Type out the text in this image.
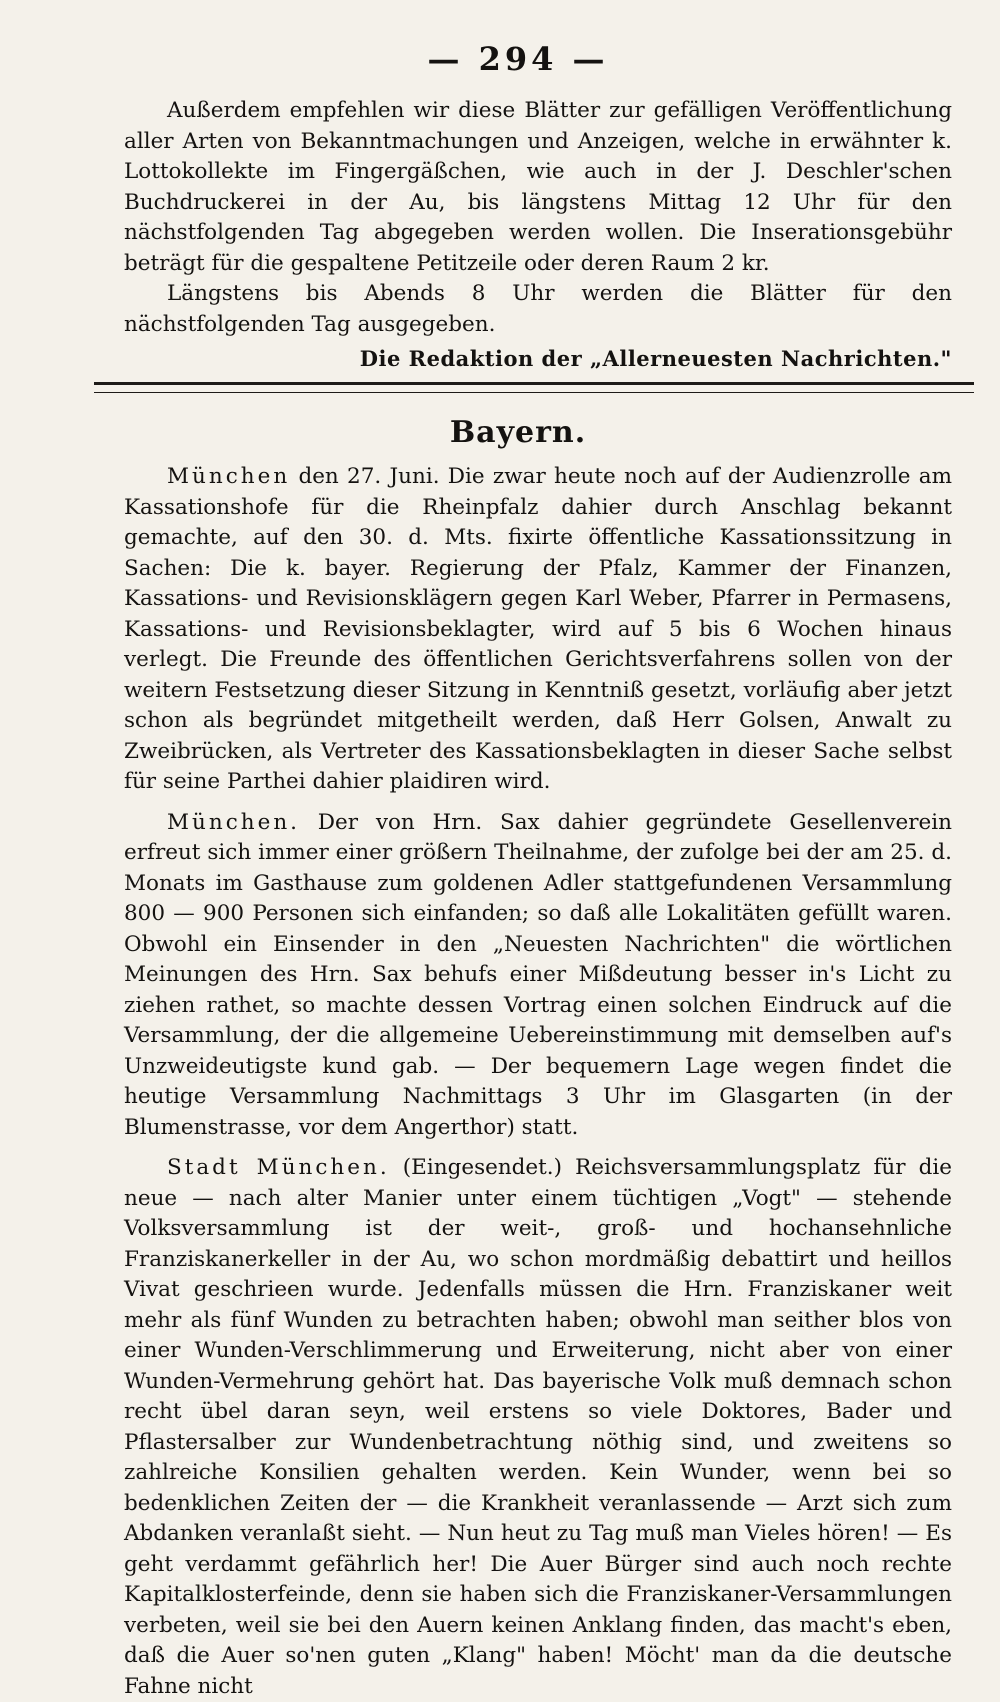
— 294 —

Außerdem empfehlen wir diese Blätter zur gefälligen Veröffentlichung aller Arten von Bekanntmachungen und Anzeigen, welche in erwähnter k. Lottokollekte im Fingergäßchen, wie auch in der J. Deschler'schen Buchdruckerei in der Au, bis längstens Mittag 12 Uhr für den nächstfolgenden Tag abgegeben werden wollen. Die Inserationsgebühr beträgt für die gespaltene Petitzeile oder deren Raum 2 kr.

Längstens bis Abends 8 Uhr werden die Blätter für den nächstfolgenden Tag ausgegeben.

Die Redaktion der „Allerneuesten Nachrichten."
Bayern.

München den 27. Juni. Die zwar heute noch auf der Audienzrolle am Kassationshofe für die Rheinpfalz dahier durch Anschlag bekannt gemachte, auf den 30. d. Mts. fixirte öffentliche Kassationssitzung in Sachen: Die k. bayer. Regierung der Pfalz, Kammer der Finanzen, Kassations- und Revisionsklägern gegen Karl Weber, Pfarrer in Permasens, Kassations- und Revisionsbeklagter, wird auf 5 bis 6 Wochen hinaus verlegt. Die Freunde des öffentlichen Gerichtsverfahrens sollen von der weitern Festsetzung dieser Sitzung in Kenntniß gesetzt, vorläufig aber jetzt schon als begründet mitgetheilt werden, daß Herr Golsen, Anwalt zu Zweibrücken, als Vertreter des Kassationsbeklagten in dieser Sache selbst für seine Parthei dahier plaidiren wird.

München. Der von Hrn. Sax dahier gegründete Gesellenverein erfreut sich immer einer größern Theilnahme, der zufolge bei der am 25. d. Monats im Gasthause zum goldenen Adler stattgefundenen Versammlung 800 — 900 Personen sich einfanden; so daß alle Lokalitäten gefüllt waren. Obwohl ein Einsender in den „Neuesten Nachrichten" die wörtlichen Meinungen des Hrn. Sax behufs einer Mißdeutung besser in's Licht zu ziehen rathet, so machte dessen Vortrag einen solchen Eindruck auf die Versammlung, der die allgemeine Uebereinstimmung mit demselben auf's Unzweideutigste kund gab. — Der bequemern Lage wegen findet die heutige Versammlung Nachmittags 3 Uhr im Glasgarten (in der Blumenstrasse, vor dem Angerthor) statt.

Stadt München. (Eingesendet.) Reichsversammlungsplatz für die neue — nach alter Manier unter einem tüchtigen „Vogt" — stehende Volksversammlung ist der weit-, groß- und hochansehnliche Franziskanerkeller in der Au, wo schon mordmäßig debattirt und heillos Vivat geschrieen wurde. Jedenfalls müssen die Hrn. Franziskaner weit mehr als fünf Wunden zu betrachten haben; obwohl man seither blos von einer Wunden-Verschlimmerung und Erweiterung, nicht aber von einer Wunden-Vermehrung gehört hat. Das bayerische Volk muß demnach schon recht übel daran seyn, weil erstens so viele Doktores, Bader und Pflastersalber zur Wundenbetrachtung nöthig sind, und zweitens so zahlreiche Konsilien gehalten werden. Kein Wunder, wenn bei so bedenklichen Zeiten der — die Krankheit veranlassende — Arzt sich zum Abdanken veranlaßt sieht. — Nun heut zu Tag muß man Vieles hören! — Es geht verdammt gefährlich her! Die Auer Bürger sind auch noch rechte Kapitalklosterfeinde, denn sie haben sich die Franziskaner-Versammlungen verbeten, weil sie bei den Auern keinen Anklang finden, das macht's eben, daß die Auer so'nen guten „Klang" haben! Möcht' man da die deutsche Fahne nicht
